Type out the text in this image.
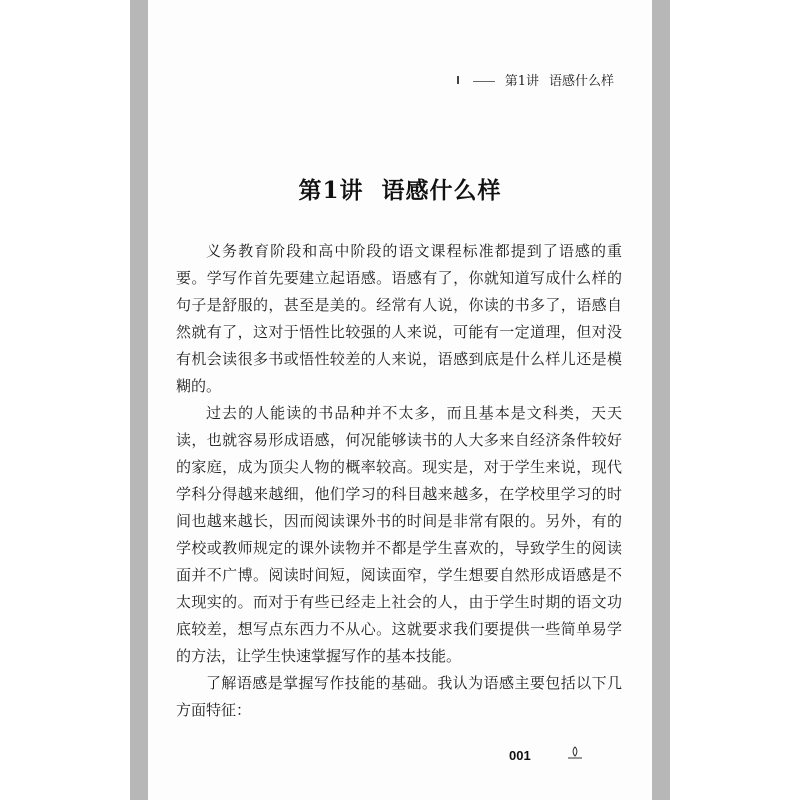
第1讲 语感什么样
第1讲 语感什么样

义务教育阶段和高中阶段的语文课程标准都提到了语感的重要。学写作首先要建立起语感。语感有了，你就知道写成什么样的句子是舒服的，甚至是美的。经常有人说，你读的书多了，语感自然就有了，这对于悟性比较强的人来说，可能有一定道理，但对没有机会读很多书或悟性较差的人来说，语感到底是什么样儿还是模糊的。

过去的人能读的书品种并不太多，而且基本是文科类，天天读，也就容易形成语感，何况能够读书的人大多来自经济条件较好的家庭，成为顶尖人物的概率较高。现实是，对于学生来说，现代学科分得越来越细，他们学习的科目越来越多，在学校里学习的时间也越来越长，因而阅读课外书的时间是非常有限的。另外，有的学校或教师规定的课外读物并不都是学生喜欢的，导致学生的阅读面并不广博。阅读时间短，阅读面窄，学生想要自然形成语感是不太现实的。而对于有些已经走上社会的人，由于学生时期的语文功底较差，想写点东西力不从心。这就要求我们要提供一些简单易学的方法，让学生快速掌握写作的基本技能。

了解语感是掌握写作技能的基础。我认为语感主要包括以下几方面特征：

001
